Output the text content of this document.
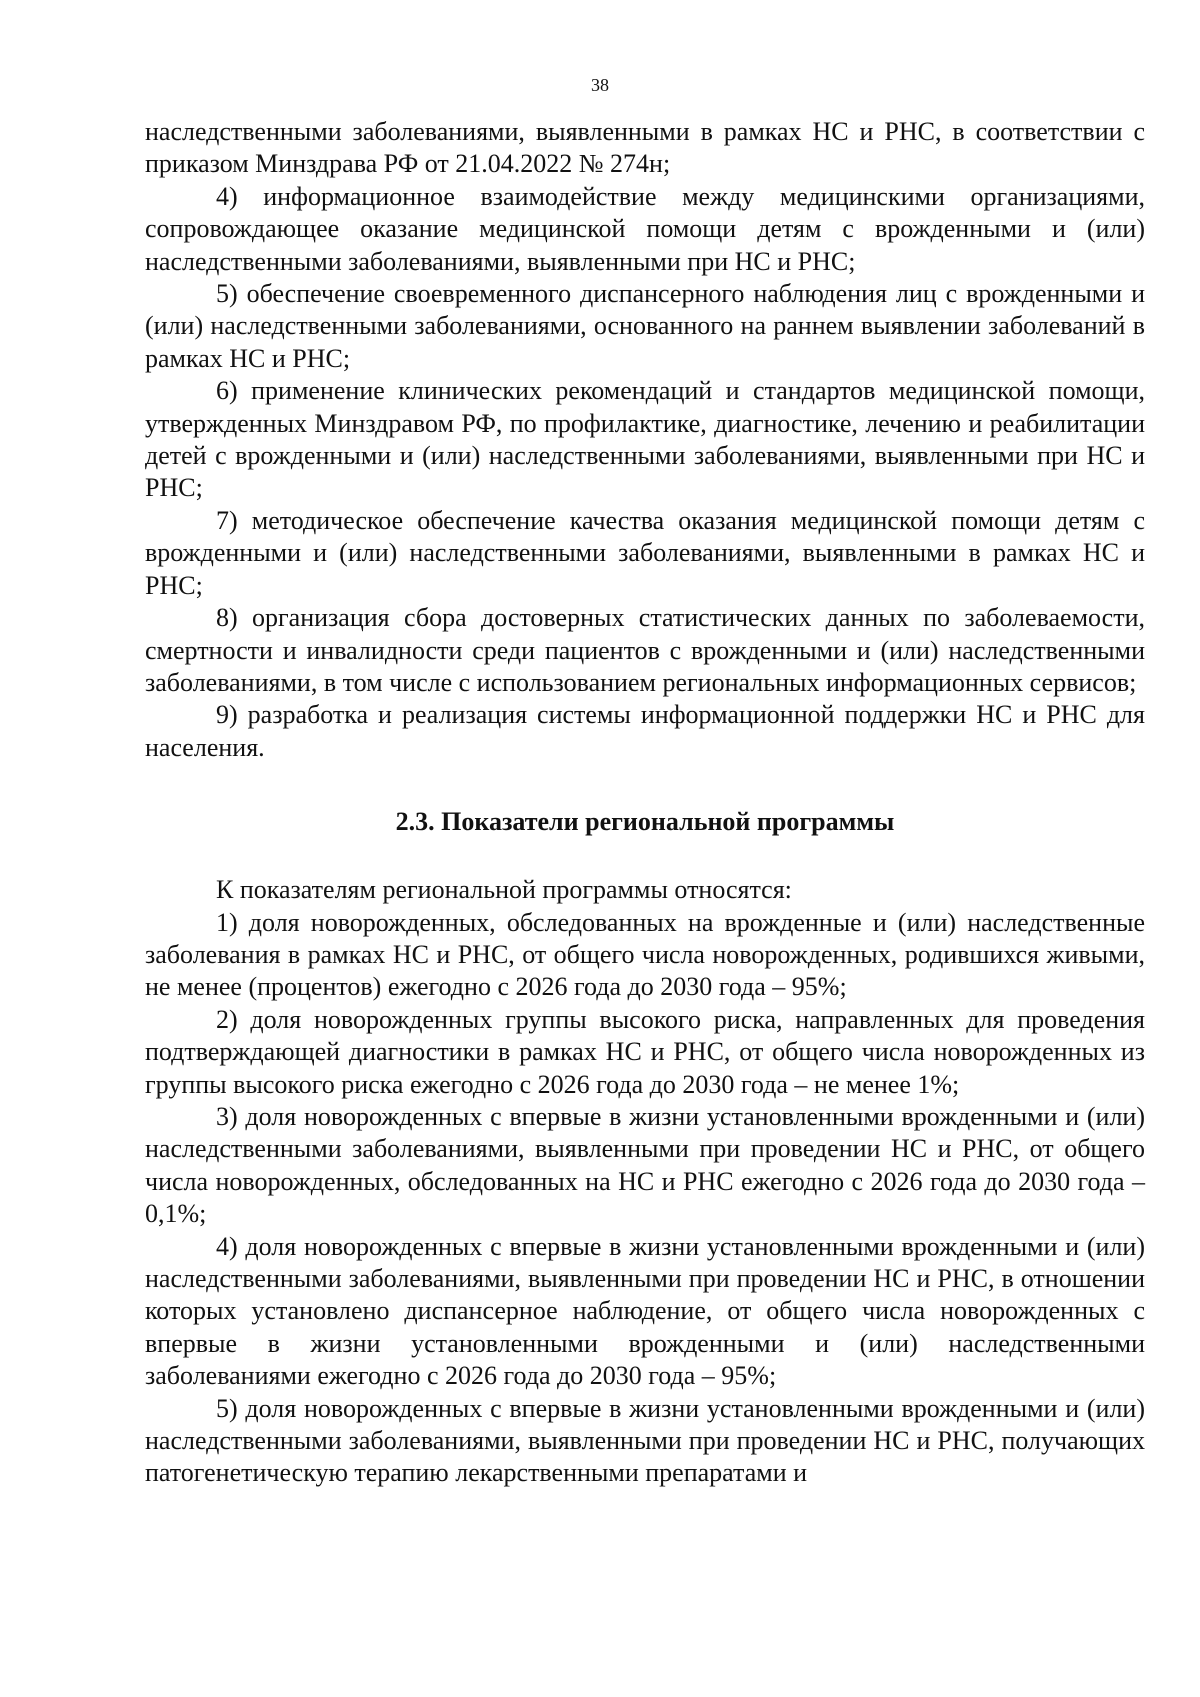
38

наследственными заболеваниями, выявленными в рамках НС и РНС, в соответствии с приказом Минздрава РФ от 21.04.2022 № 274н;

4) информационное взаимодействие между медицинскими организациями, сопровождающее оказание медицинской помощи детям с врожденными и (или) наследственными заболеваниями, выявленными при НС и РНС;

5) обеспечение своевременного диспансерного наблюдения лиц с врожденными и (или) наследственными заболеваниями, основанного на раннем выявлении заболеваний в рамках НС и РНС;

6) применение клинических рекомендаций и стандартов медицинской помощи, утвержденных Минздравом РФ, по профилактике, диагностике, лечению и реабилитации детей с врожденными и (или) наследственными заболеваниями, выявленными при НС и РНС;

7) методическое обеспечение качества оказания медицинской помощи детям с врожденными и (или) наследственными заболеваниями, выявленными в рамках НС и РНС;

8) организация сбора достоверных статистических данных по заболеваемости, смертности и инвалидности среди пациентов с врожденными и (или) наследственными заболеваниями, в том числе с использованием региональных информационных сервисов;

9) разработка и реализация системы информационной поддержки НС и РНС для населения.

2.3. Показатели региональной программы

К показателям региональной программы относятся:

1) доля новорожденных, обследованных на врожденные и (или) наследственные заболевания в рамках НС и РНС, от общего числа новорожденных, родившихся живыми, не менее (процентов) ежегодно с 2026 года до 2030 года – 95%;

2) доля новорожденных группы высокого риска, направленных для проведения подтверждающей диагностики в рамках НС и РНС, от общего числа новорожденных из группы высокого риска ежегодно с 2026 года до 2030 года – не менее 1%;

3) доля новорожденных с впервые в жизни установленными врожденными и (или) наследственными заболеваниями, выявленными при проведении НС и РНС, от общего числа новорожденных, обследованных на НС и РНС ежегодно с 2026 года до 2030 года – 0,1%;

4) доля новорожденных с впервые в жизни установленными врожденными и (или) наследственными заболеваниями, выявленными при проведении НС и РНС, в отношении которых установлено диспансерное наблюдение, от общего числа новорожденных с впервые в жизни установленными врожденными и (или) наследственными заболеваниями ежегодно с 2026 года до 2030 года – 95%;

5) доля новорожденных с впервые в жизни установленными врожденными и (или) наследственными заболеваниями, выявленными при проведении НС и РНС, получающих патогенетическую терапию лекарственными препаратами и
